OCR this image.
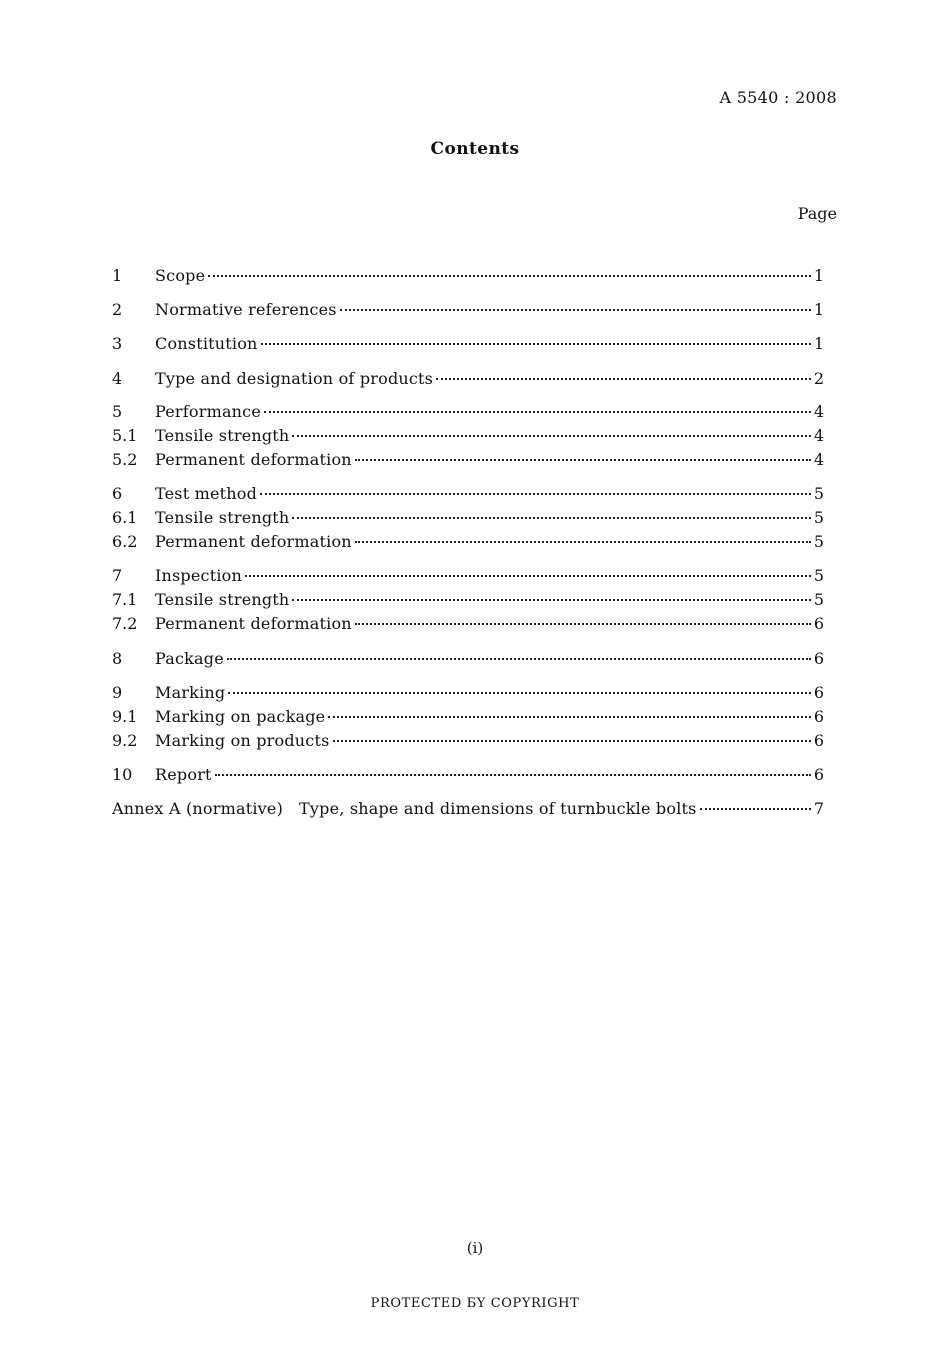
A 5540 : 2008
Contents
Page
1	Scope	1
2	Normative references	1
3	Constitution	1
4	Type and designation of products	2
5	Performance	4
5.1	Tensile strength	4
5.2	Permanent deformation	4
6	Test method	5
6.1	Tensile strength	5
6.2	Permanent deformation	5
7	Inspection	5
7.1	Tensile strength	5
7.2	Permanent deformation	6
8	Package	6
9	Marking	6
9.1	Marking on package	6
9.2	Marking on products	6
10	Report	6
Annex A (normative) Type, shape and dimensions of turnbuckle bolts	7
(i)
PROTECTED БY COPYRIGHT
